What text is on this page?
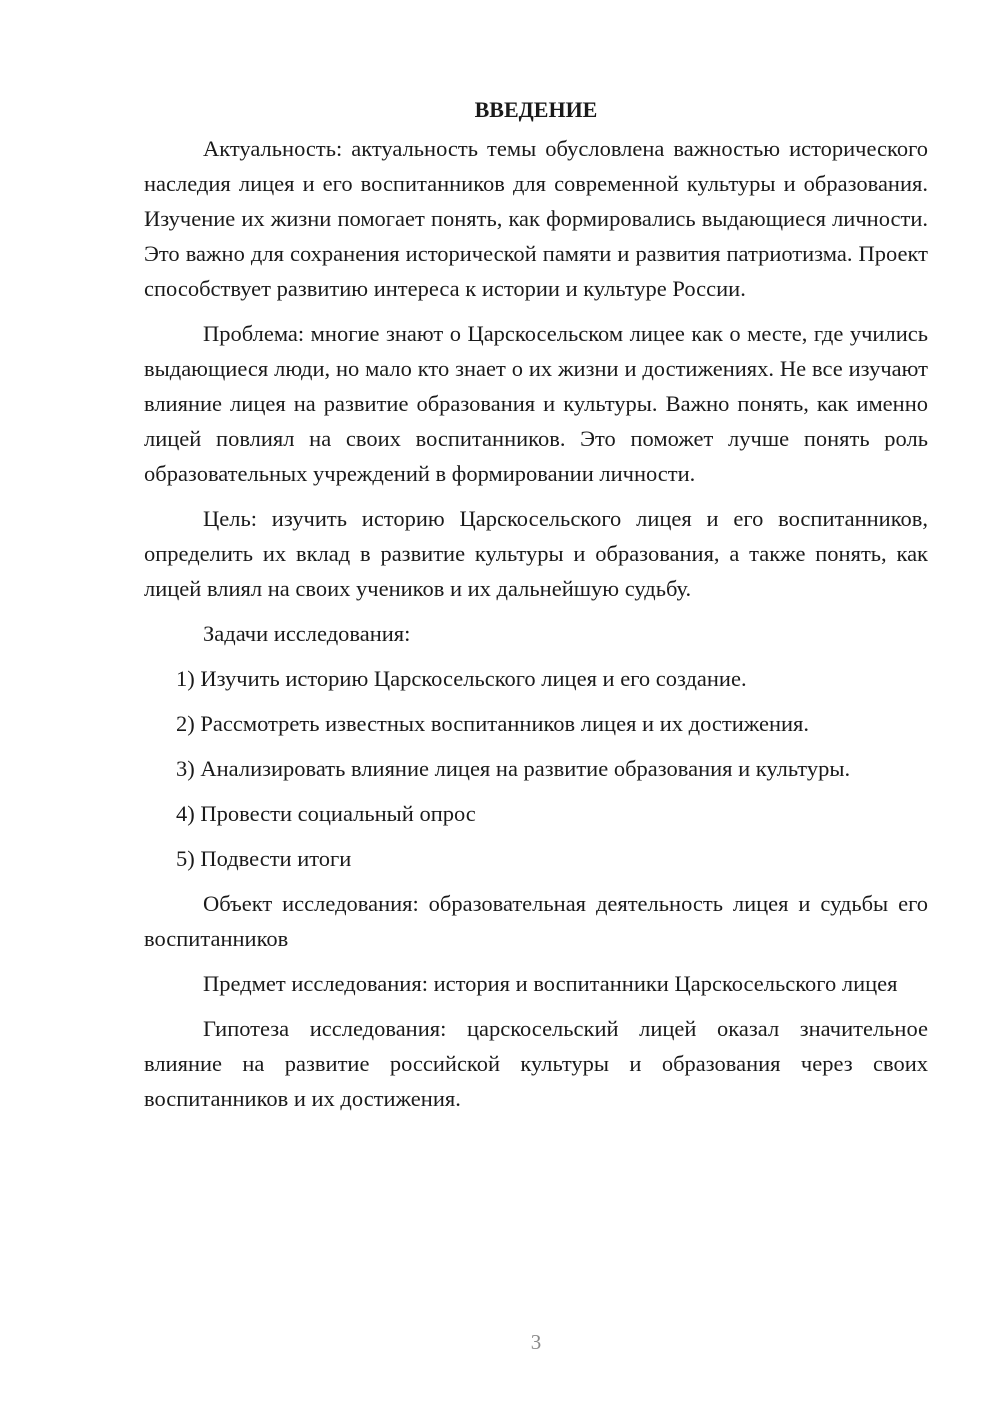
ВВЕДЕНИЕ

Актуальность: актуальность темы обусловлена важностью исторического наследия лицея и его воспитанников для современной культуры и образования. Изучение их жизни помогает понять, как формировались выдающиеся личности. Это важно для сохранения исторической памяти и развития патриотизма. Проект способствует развитию интереса к истории и культуре России.

Проблема: многие знают о Царскосельском лицее как о месте, где учились выдающиеся люди, но мало кто знает о их жизни и достижениях. Не все изучают влияние лицея на развитие образования и культуры. Важно понять, как именно лицей повлиял на своих воспитанников. Это поможет лучше понять роль образовательных учреждений в формировании личности.

Цель: изучить историю Царскосельского лицея и его воспитанников, определить их вклад в развитие культуры и образования, а также понять, как лицей влиял на своих учеников и их дальнейшую судьбу.

Задачи исследования:

1) Изучить историю Царскосельского лицея и его создание.
2) Рассмотреть известных воспитанников лицея и их достижения.
3) Анализировать влияние лицея на развитие образования и культуры.
4) Провести социальный опрос
5) Подвести итоги

Объект исследования: образовательная деятельность лицея и судьбы его воспитанников

Предмет исследования: история и воспитанники Царскосельского лицея

Гипотеза исследования: царскосельский лицей оказал значительное влияние на развитие российской культуры и образования через своих воспитанников и их достижения.

3
